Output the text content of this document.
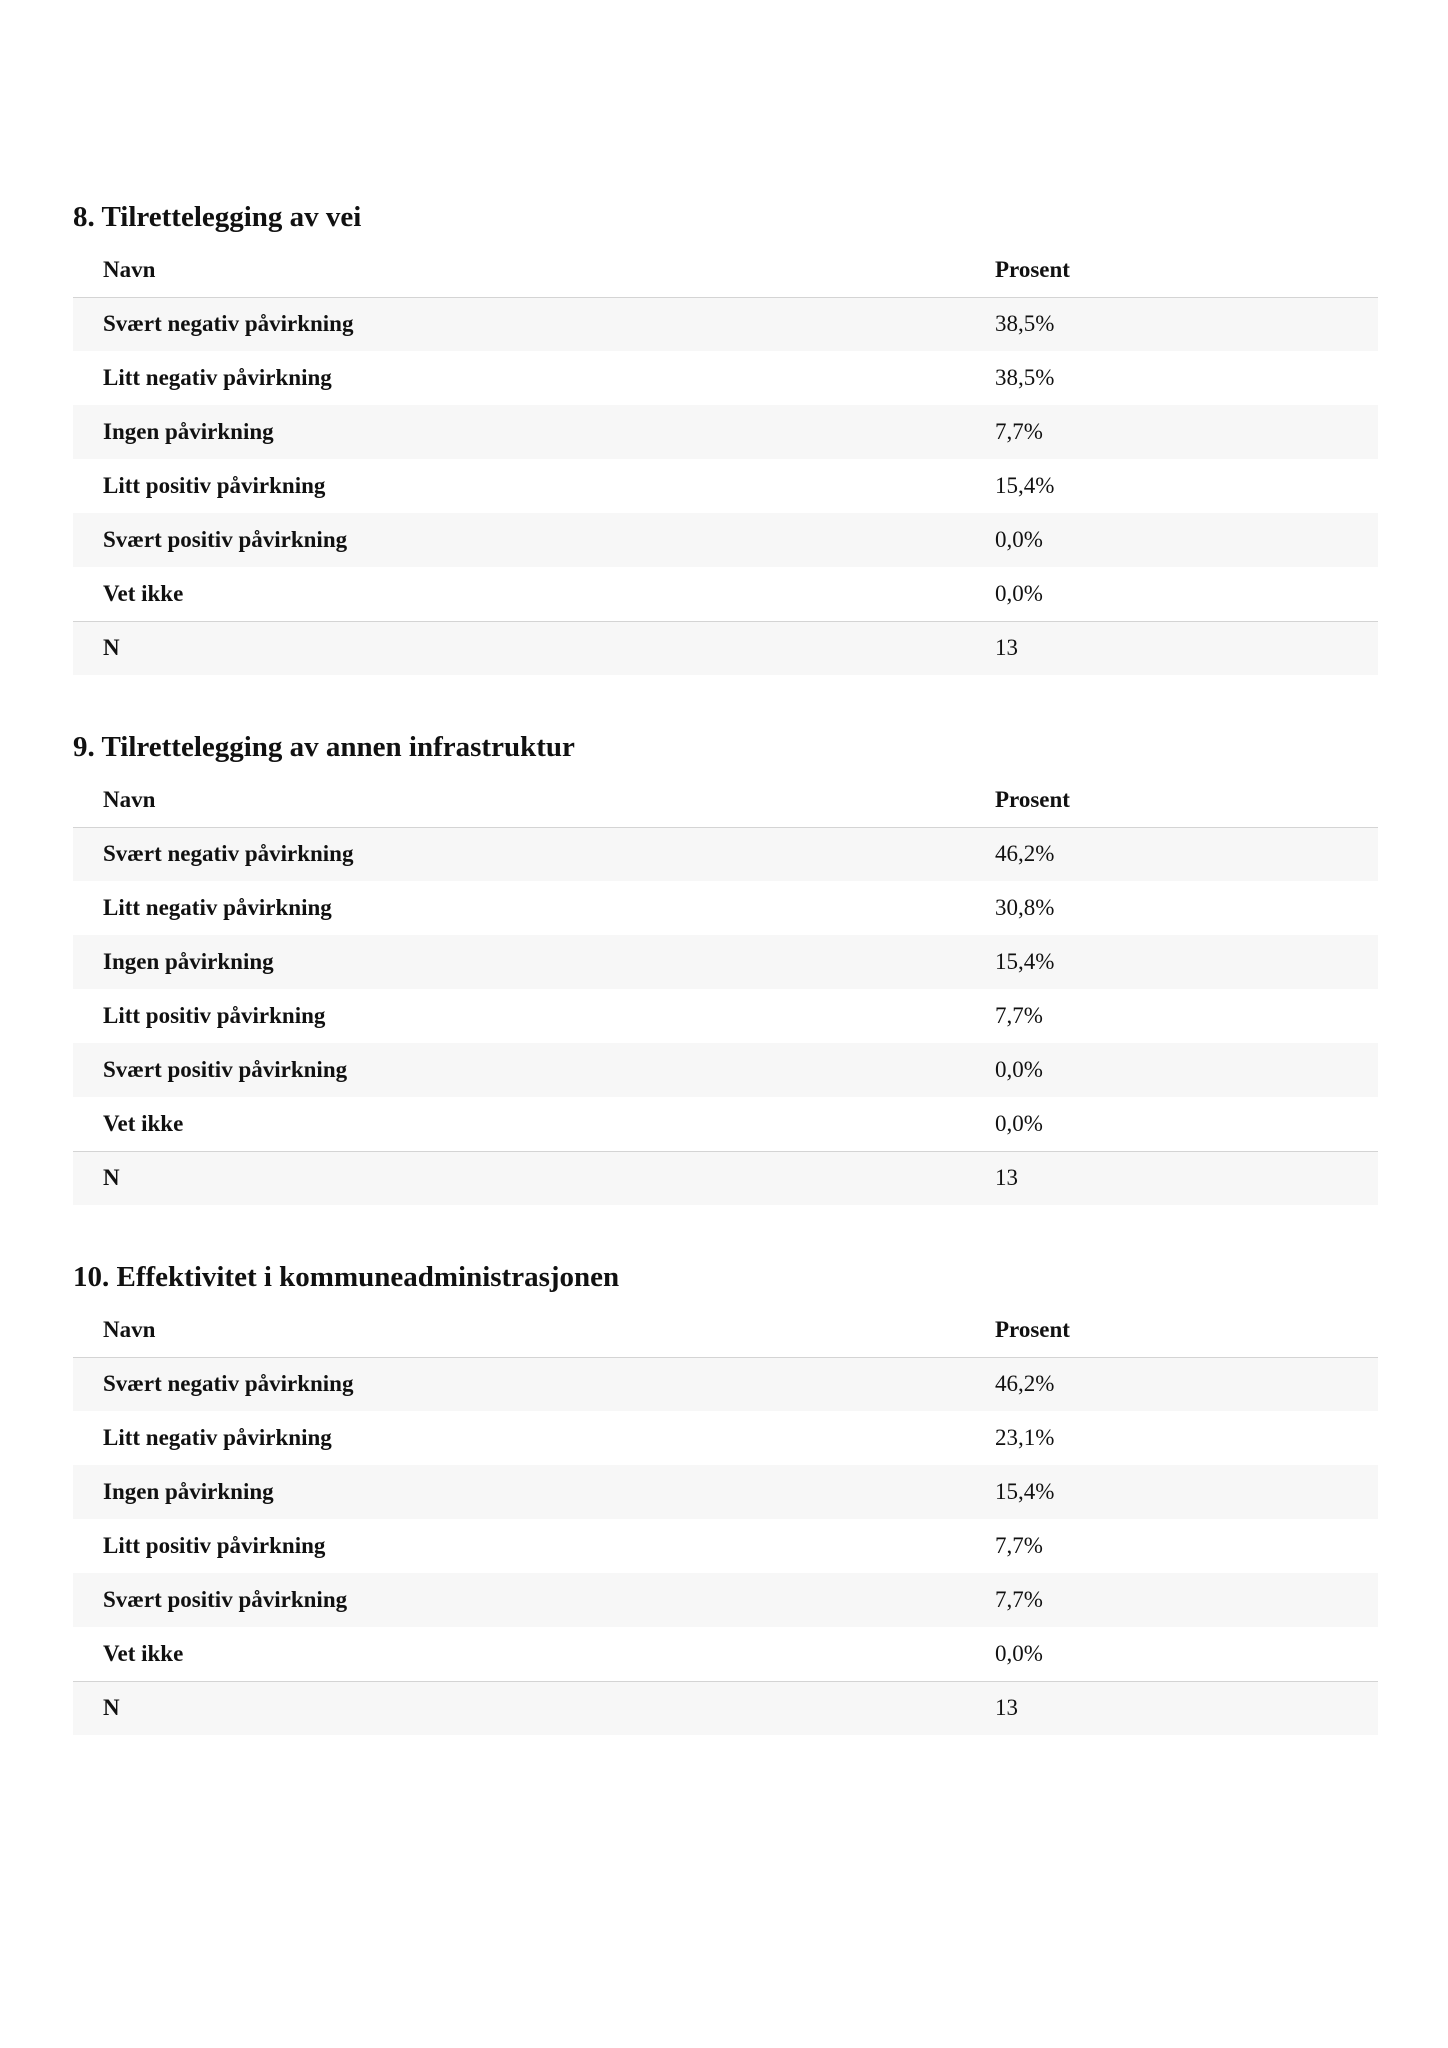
8. Tilrettelegging av vei
Navn	Prosent
Svært negativ påvirkning	38,5%
Litt negativ påvirkning	38,5%
Ingen påvirkning	7,7%
Litt positiv påvirkning	15,4%
Svært positiv påvirkning	0,0%
Vet ikke	0,0%
N	13
9. Tilrettelegging av annen infrastruktur
Navn	Prosent
Svært negativ påvirkning	46,2%
Litt negativ påvirkning	30,8%
Ingen påvirkning	15,4%
Litt positiv påvirkning	7,7%
Svært positiv påvirkning	0,0%
Vet ikke	0,0%
N	13
10. Effektivitet i kommuneadministrasjonen
Navn	Prosent
Svært negativ påvirkning	46,2%
Litt negativ påvirkning	23,1%
Ingen påvirkning	15,4%
Litt positiv påvirkning	7,7%
Svært positiv påvirkning	7,7%
Vet ikke	0,0%
N	13
